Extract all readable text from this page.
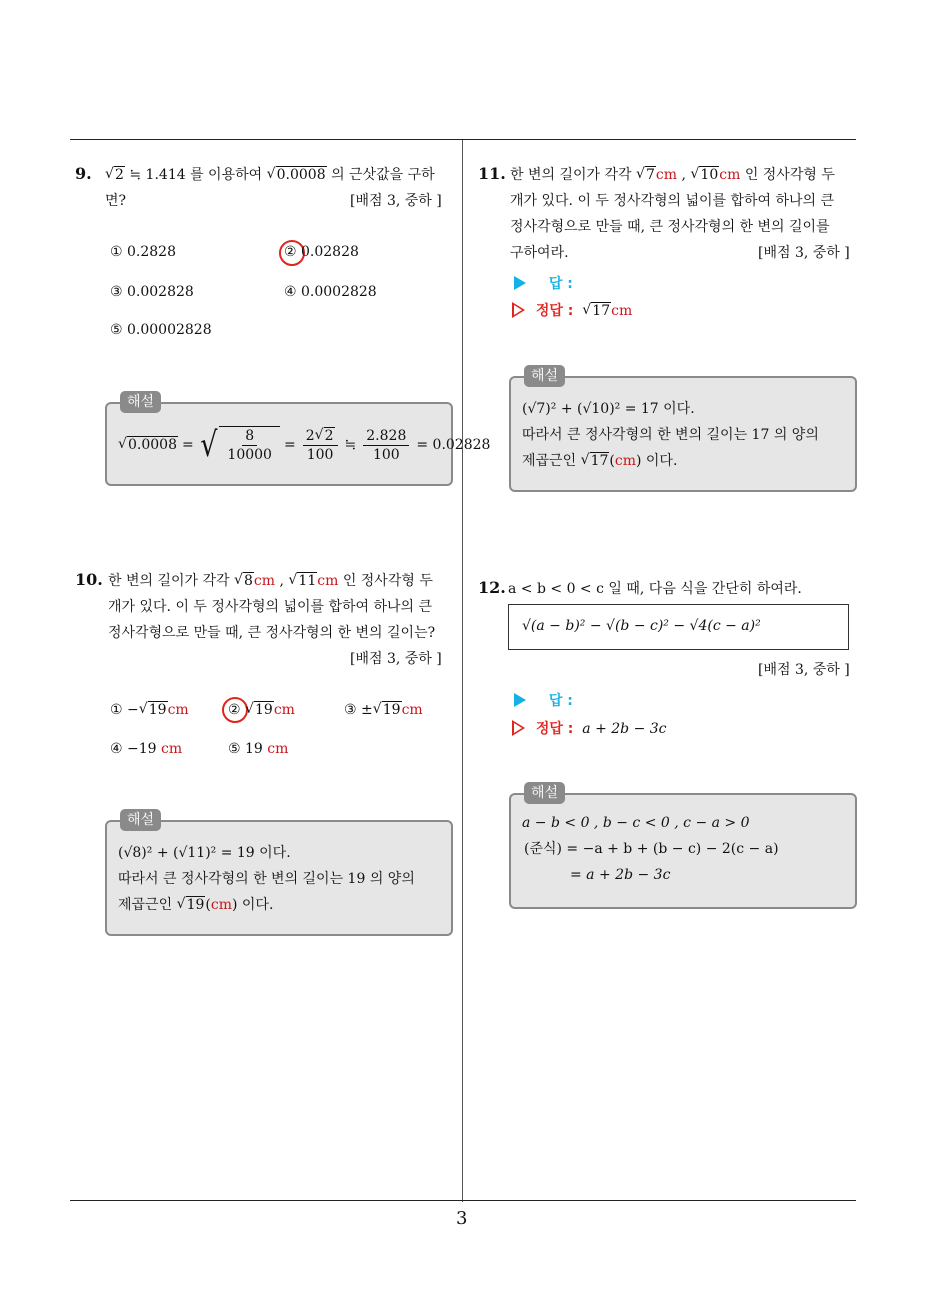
3
9.	√ 2 ≒ 1.414 를 이용하여 √ 0.0008 의 근삿값을 구하
면?	[배점 3, 중하 ]
① 0.2828	② 0.02828
③ 0.002828	④ 0.0002828
⑤ 0.00002828
해설
√ 0.0008 = √ $\frac{8}{10000} = \frac{2 √ 2}{100}$ ≒ $\frac{2.828}{100} = 0.02828$
10. 한 변의 길이가 각각 √ 8cm , √ 11cm 인 정사각형 두
개가 있다. 이 두 정사각형의 넓이를 합하여 하나의 큰
정사각형으로 만들 때, 큰 정사각형의 한 변의 길이는?
[배점 3, 중하 ]
① − √ 19cm	② √ 19cm	③ ± √ 19cm
④ −19 cm	⑤ 19 cm
해설
(√8)² + (√11)² = 19 이다.
따라서 큰 정사각형의 한 변의 길이는 19 의 양의
제곱근인 √ 19(cm) 이다.
11. 한 변의 길이가 각각 √ 7cm , √ 10cm 인 정사각형 두
개가 있다. 이 두 정사각형의 넓이를 합하여 하나의 큰
정사각형으로 만들 때, 큰 정사각형의 한 변의 길이를
구하여라.	[배점 3, 중하 ]
답 :
정답 : √ 17cm
해설
(√7)² + (√10)² = 17 이다.
따라서 큰 정사각형의 한 변의 길이는 17 의 양의
제곱근인 √ 17(cm) 이다.
12. a < b < 0 < c 일 때, 다음 식을 간단히 하여라.
√(a − b)² − √(b − c)² − √4(c − a)²
[배점 3, 중하 ]
답 :
정답 : a + 2b − 3c
해설
a − b < 0 , b − c < 0 , c − a > 0
(준식) = −a + b + (b − c) − 2(c − a)
= a + 2b − 3c
